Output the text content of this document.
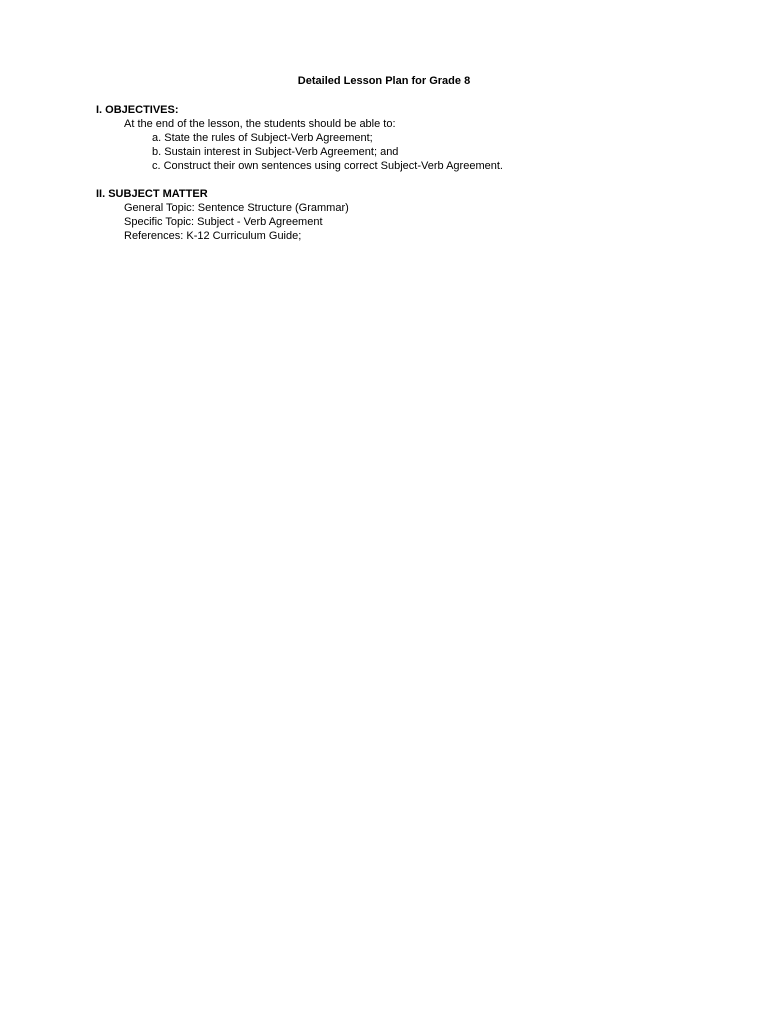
Detailed Lesson Plan for Grade 8
I. OBJECTIVES:
At the end of the lesson, the students should be able to:
a. State the rules of Subject-Verb Agreement;
b. Sustain interest in Subject-Verb Agreement; and
c. Construct their own sentences using correct Subject-Verb Agreement.
II. SUBJECT MATTER
General Topic: Sentence Structure (Grammar)
Specific Topic: Subject - Verb Agreement
References: K-12 Curriculum Guide;
